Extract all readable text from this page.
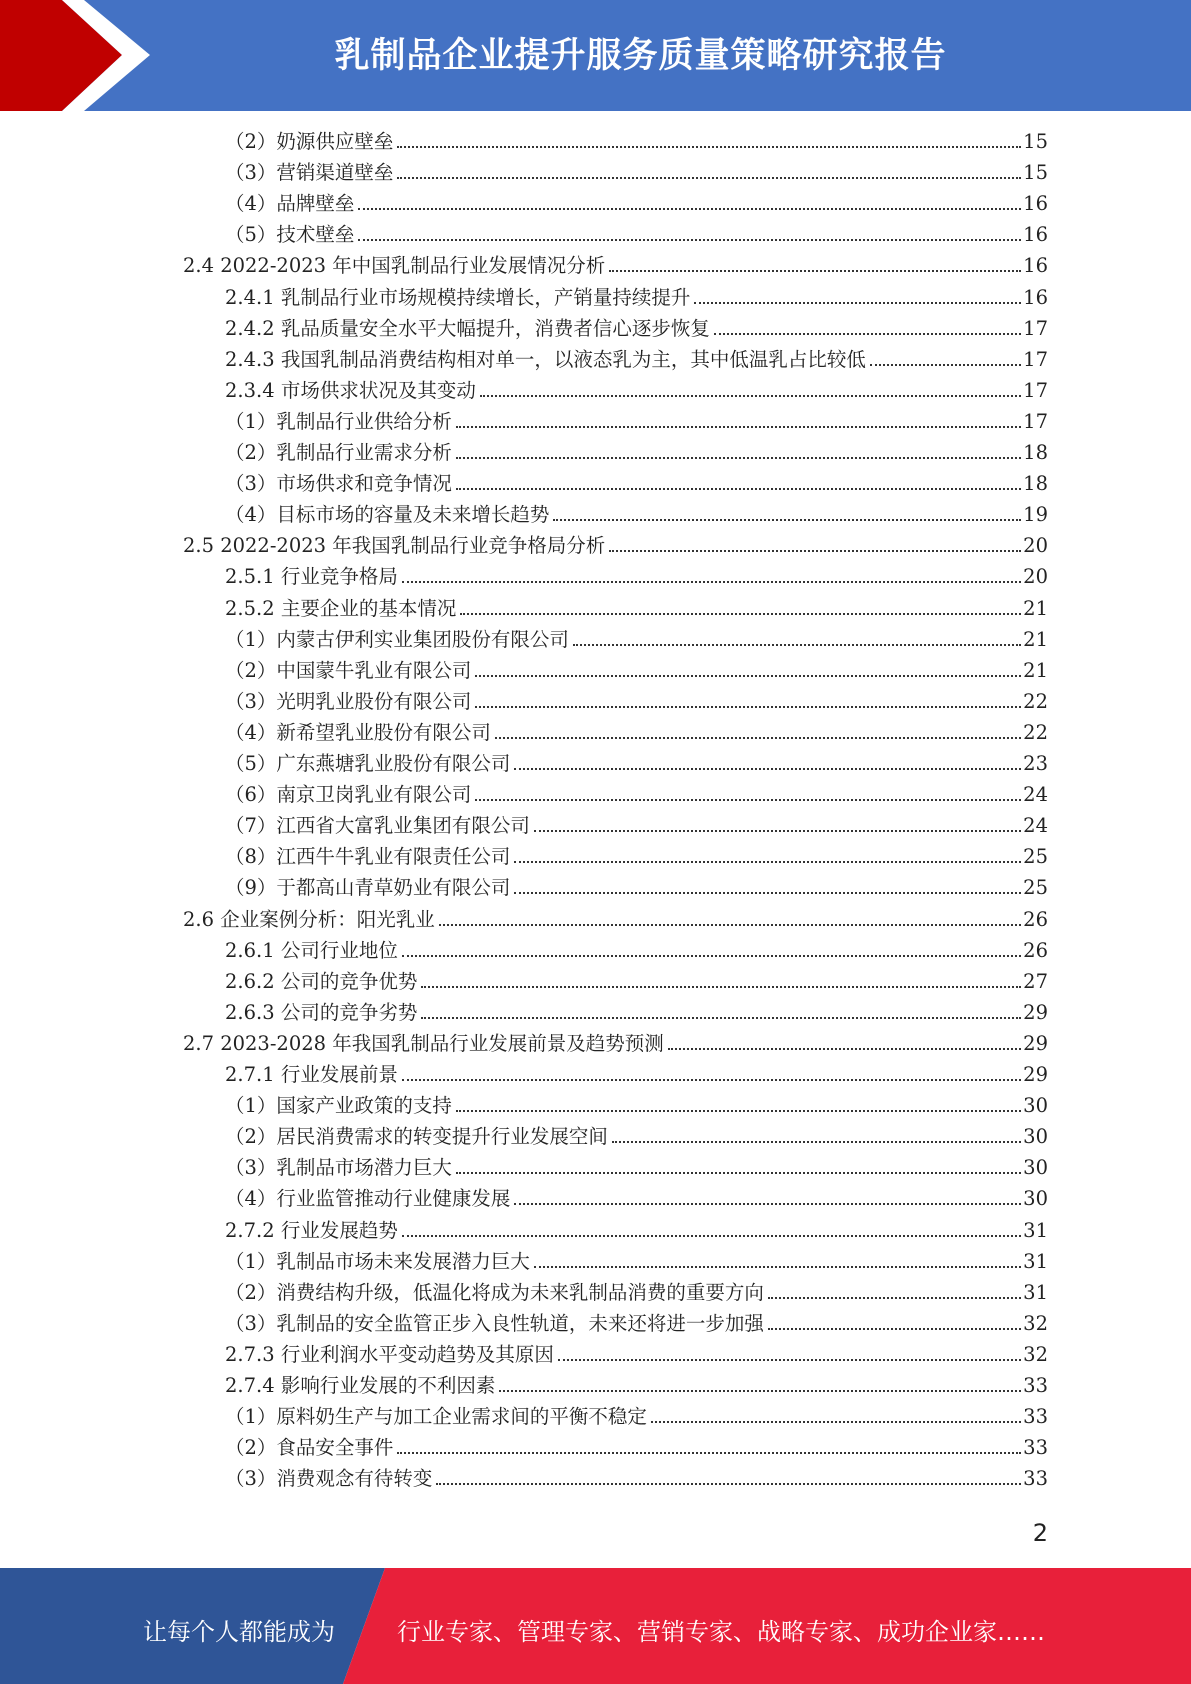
乳制品企业提升服务质量策略研究报告
（2）奶源供应壁垒	15
（3）营销渠道壁垒	15
（4）品牌壁垒	16
（5）技术壁垒	16
2.4 2022-2023 年中国乳制品行业发展情况分析	16
2.4.1 乳制品行业市场规模持续增长，产销量持续提升	16
2.4.2 乳品质量安全水平大幅提升，消费者信心逐步恢复	17
2.4.3 我国乳制品消费结构相对单一，以液态乳为主，其中低温乳占比较低	17
2.3.4 市场供求状况及其变动	17
（1）乳制品行业供给分析	17
（2）乳制品行业需求分析	18
（3）市场供求和竞争情况	18
（4）目标市场的容量及未来增长趋势	19
2.5 2022-2023 年我国乳制品行业竞争格局分析	20
2.5.1 行业竞争格局	20
2.5.2 主要企业的基本情况	21
（1）内蒙古伊利实业集团股份有限公司	21
（2）中国蒙牛乳业有限公司	21
（3）光明乳业股份有限公司	22
（4）新希望乳业股份有限公司	22
（5）广东燕塘乳业股份有限公司	23
（6）南京卫岗乳业有限公司	24
（7）江西省大富乳业集团有限公司	24
（8）江西牛牛乳业有限责任公司	25
（9）于都高山青草奶业有限公司	25
2.6 企业案例分析：阳光乳业	26
2.6.1 公司行业地位	26
2.6.2 公司的竞争优势	27
2.6.3 公司的竞争劣势	29
2.7 2023-2028 年我国乳制品行业发展前景及趋势预测	29
2.7.1 行业发展前景	29
（1）国家产业政策的支持	30
（2）居民消费需求的转变提升行业发展空间	30
（3）乳制品市场潜力巨大	30
（4）行业监管推动行业健康发展	30
2.7.2 行业发展趋势	31
（1）乳制品市场未来发展潜力巨大	31
（2）消费结构升级，低温化将成为未来乳制品消费的重要方向	31
（3）乳制品的安全监管正步入良性轨道，未来还将进一步加强	32
2.7.3 行业利润水平变动趋势及其原因	32
2.7.4 影响行业发展的不利因素	33
（1）原料奶生产与加工企业需求间的平衡不稳定	33
（2）食品安全事件	33
（3）消费观念有待转变	33
2
让每个人都能成为	行业专家、管理专家、营销专家、战略专家、成功企业家……
